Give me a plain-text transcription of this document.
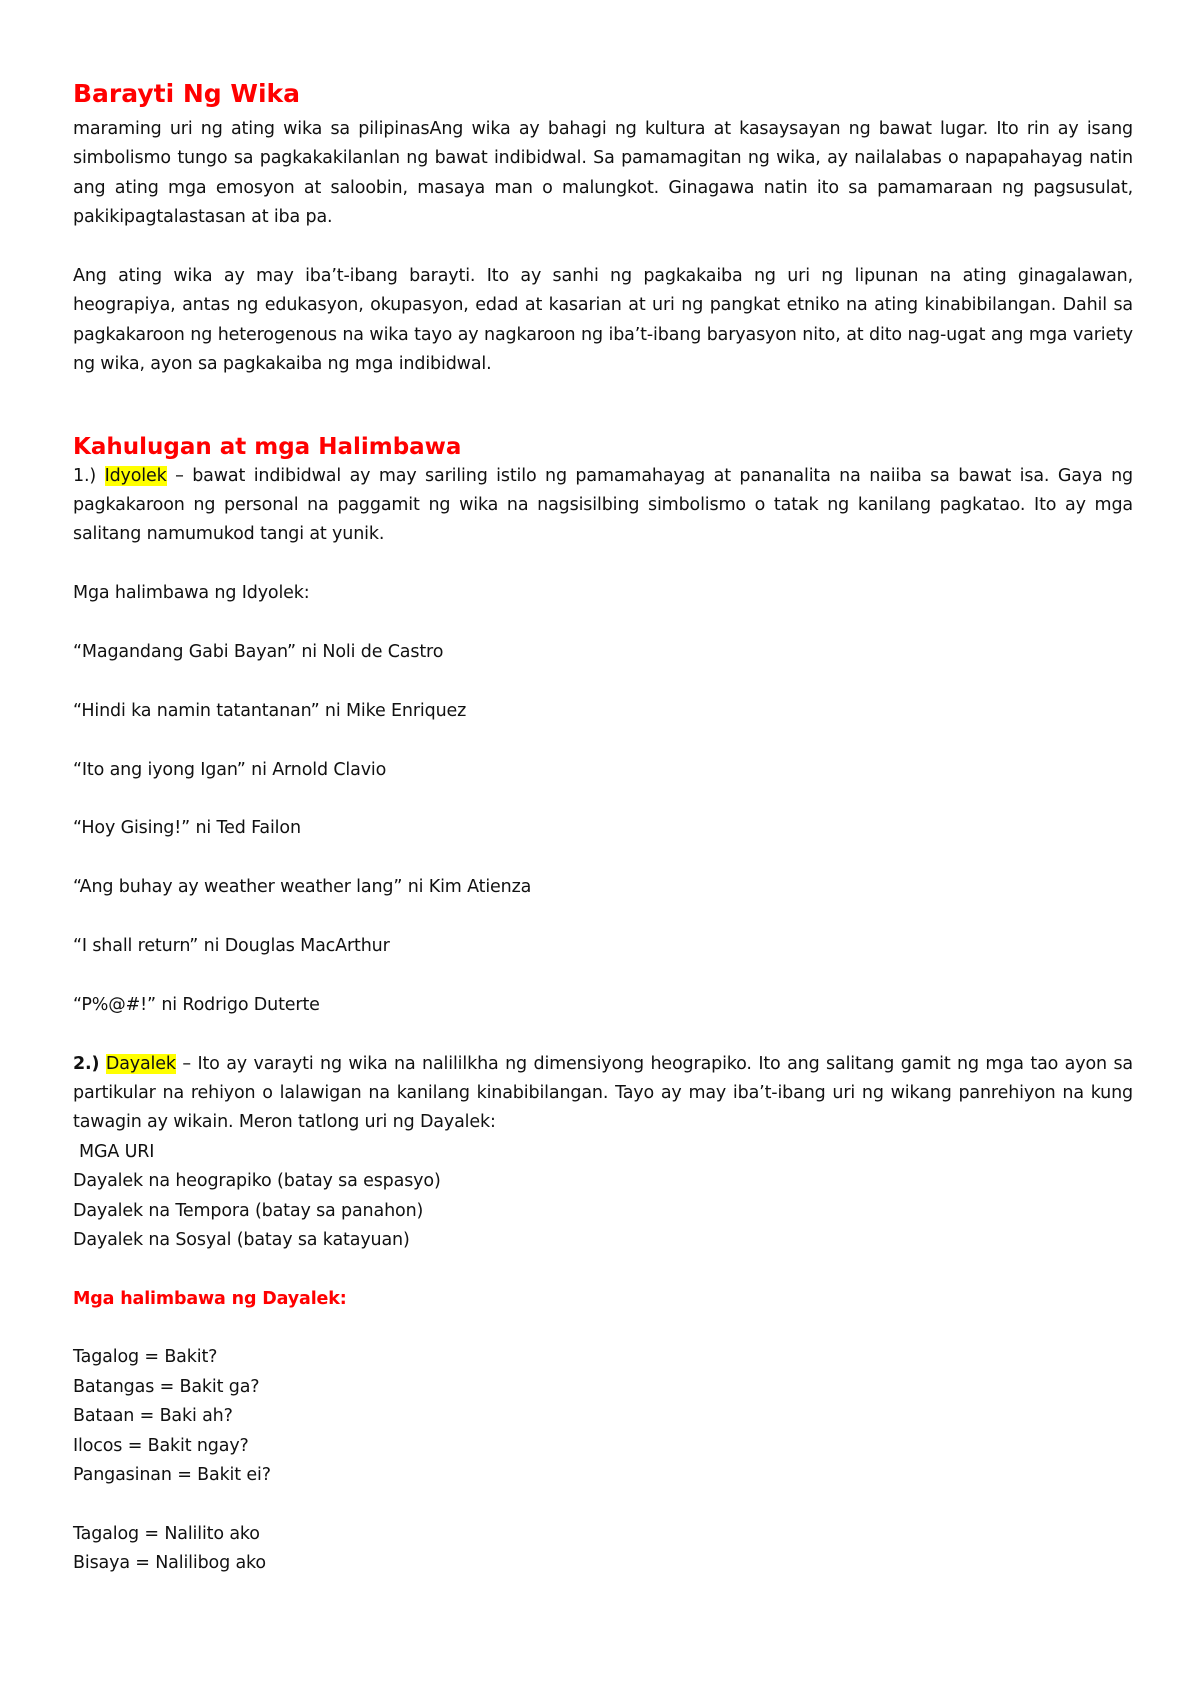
Barayti Ng Wika

maraming uri ng ating wika sa pilipinasAng wika ay bahagi ng kultura at kasaysayan ng bawat lugar. Ito rin ay isang simbolismo tungo sa pagkakakilanlan ng bawat indibidwal. Sa pamamagitan ng wika, ay nailalabas o napapahayag natin ang ating mga emosyon at saloobin, masaya man o malungkot. Ginagawa natin ito sa pamamaraan ng pagsusulat, pakikipagtalastasan at iba pa.

Ang ating wika ay may iba’t-ibang barayti. Ito ay sanhi ng pagkakaiba ng uri ng lipunan na ating ginagalawan, heograpiya, antas ng edukasyon, okupasyon, edad at kasarian at uri ng pangkat etniko na ating kinabibilangan. Dahil sa pagkakaroon ng heterogenous na wika tayo ay nagkaroon ng iba’t-ibang baryasyon nito, at dito nag-ugat ang mga variety ng wika, ayon sa pagkakaiba ng mga indibidwal.

Kahulugan at mga Halimbawa

1.) Idyolek – bawat indibidwal ay may sariling istilo ng pamamahayag at pananalita na naiiba sa bawat isa. Gaya ng pagkakaroon ng personal na paggamit ng wika na nagsisilbing simbolismo o tatak ng kanilang pagkatao. Ito ay mga salitang namumukod tangi at yunik.

Mga halimbawa ng Idyolek:
“Magandang Gabi Bayan” ni Noli de Castro
“Hindi ka namin tatantanan” ni Mike Enriquez
“Ito ang iyong Igan” ni Arnold Clavio
“Hoy Gising!” ni Ted Failon
“Ang buhay ay weather weather lang” ni Kim Atienza
“I shall return” ni Douglas MacArthur
“P%@#!” ni Rodrigo Duterte

2.) Dayalek – Ito ay varayti ng wika na nalililkha ng dimensiyong heograpiko. Ito ang salitang gamit ng mga tao ayon sa partikular na rehiyon o lalawigan na kanilang kinabibilangan. Tayo ay may iba’t-ibang uri ng wikang panrehiyon na kung tawagin ay wikain. Meron tatlong uri ng Dayalek:

MGA URI
Dayalek na heograpiko (batay sa espasyo)
Dayalek na Tempora (batay sa panahon)
Dayalek na Sosyal (batay sa katayuan)
Mga halimbawa ng Dayalek:
Tagalog = Bakit?
Batangas = Bakit ga?
Bataan = Baki ah?
Ilocos = Bakit ngay?
Pangasinan = Bakit ei?
Tagalog = Nalilito ako
Bisaya = Nalilibog ako
